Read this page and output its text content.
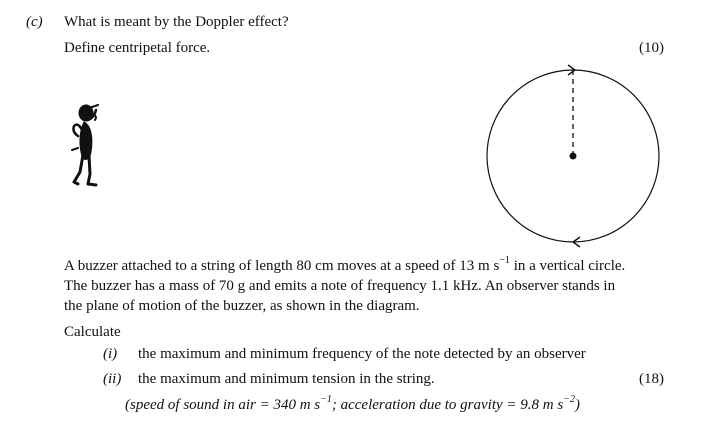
(c) What is meant by the Doppler effect?
Define centripetal force.	(10)
A buzzer attached to a string of length 80 cm moves at a speed of 13 m $s^{-1}$ in a vertical circle.
The buzzer has a mass of 70 g and emits a note of frequency 1.1 kHz. An observer stands in
the plane of motion of the buzzer, as shown in the diagram.
Calculate
(i) the maximum and minimum frequency of the note detected by an observer
(ii) the maximum and minimum tension in the string.	(18)
(speed of sound in air = 340 m $s^{-1}$; acceleration due to gravity = 9.8 m $s^{-2}$)
